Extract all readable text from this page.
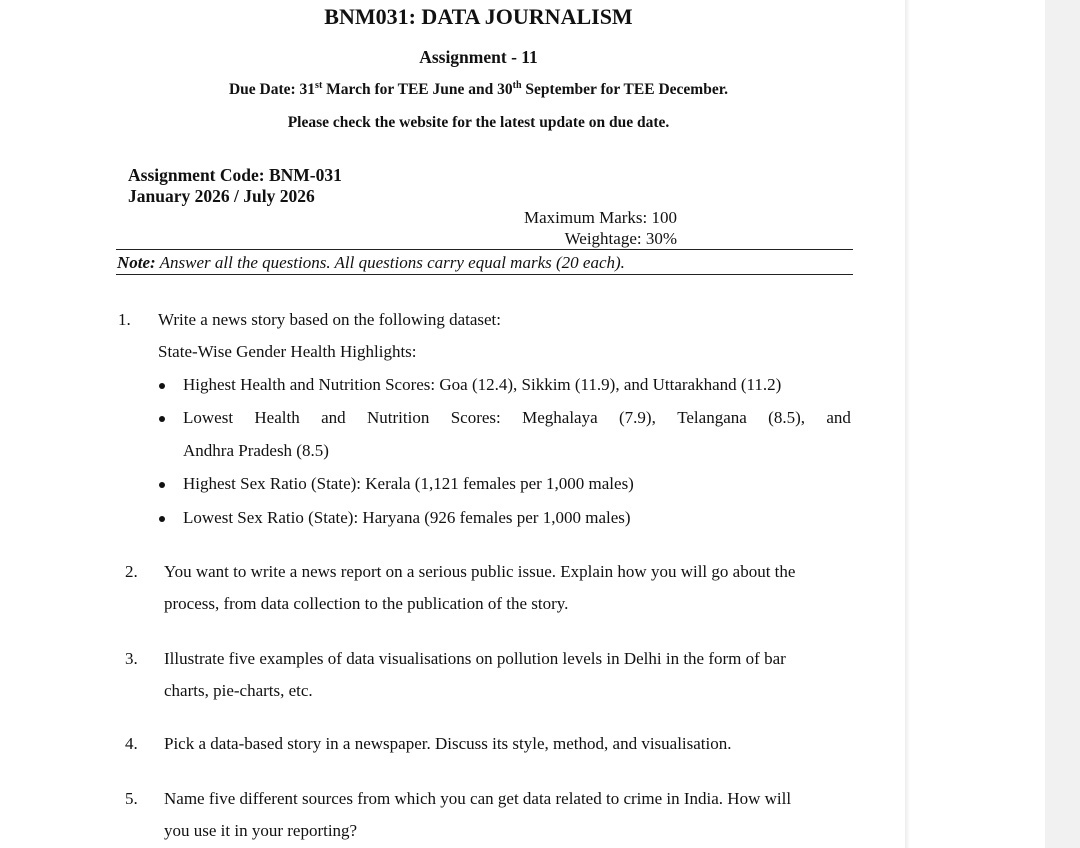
BNM031: DATA JOURNALISM
Assignment - 11
Due Date: 31st March for TEE June and 30th September for TEE December.
Please check the website for the latest update on due date.
Assignment Code: BNM-031
January 2026 / July 2026
Maximum Marks: 100
Weightage: 30%
Note: Answer all the questions. All questions carry equal marks (20 each).
1. Write a news story based on the following dataset:
State-Wise Gender Health Highlights:
Highest Health and Nutrition Scores: Goa (12.4), Sikkim (11.9), and Uttarakhand (11.2)
Lowest Health and Nutrition Scores: Meghalaya (7.9), Telangana (8.5), and
Andhra Pradesh (8.5)
Highest Sex Ratio (State): Kerala (1,121 females per 1,000 males)
Lowest Sex Ratio (State): Haryana (926 females per 1,000 males)
2. You want to write a news report on a serious public issue. Explain how you will go about the
process, from data collection to the publication of the story.
3. Illustrate five examples of data visualisations on pollution levels in Delhi in the form of bar
charts, pie-charts, etc.
4. Pick a data-based story in a newspaper. Discuss its style, method, and visualisation.
5. Name five different sources from which you can get data related to crime in India. How will
you use it in your reporting?
